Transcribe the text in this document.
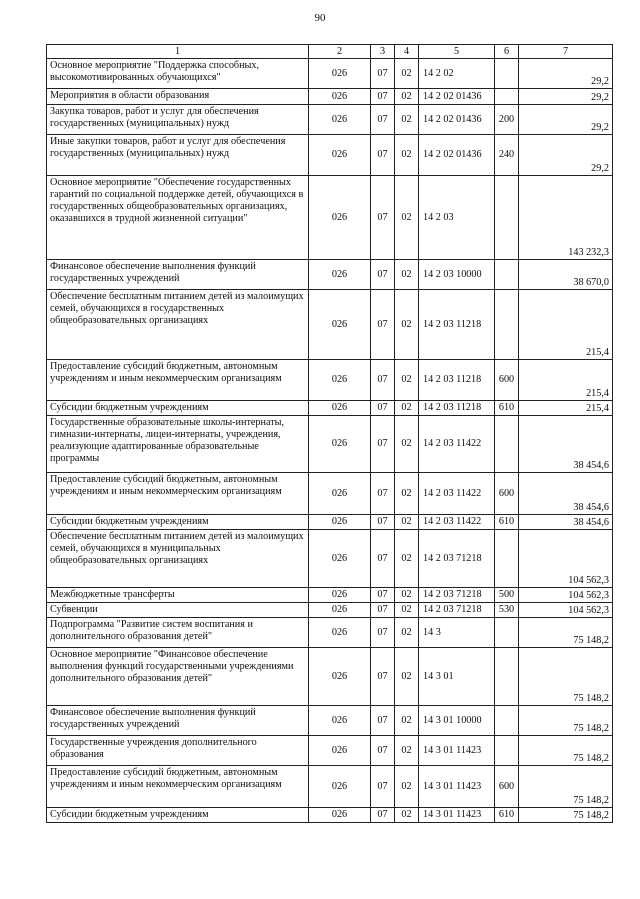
90
1	2	3	4	5	6	7
Основное мероприятие "Поддержка способных, высокомотивированных обучающихся"	026	07	02	14 2 02		29,2
Мероприятия в области образования	026	07	02	14 2 02 01436		29,2
Закупка товаров, работ и услуг для обеспечения государственных (муниципальных) нужд	026	07	02	14 2 02 01436	200	29,2
Иные закупки товаров, работ и услуг для обеспечения государственных (муниципальных) нужд	026	07	02	14 2 02 01436	240	29,2
Основное мероприятие "Обеспечение государственных гарантий по социальной поддержке детей, обучающихся в государственных общеобразовательных организациях, оказавшихся в трудной жизненной ситуации"	026	07	02	14 2 03		143 232,3
Финансовое обеспечение выполнения функций государственных учреждений	026	07	02	14 2 03 10000		38 670,0
Обеспечение бесплатным питанием детей из малоимущих семей, обучающихся в государственных общеобразовательных организациях	026	07	02	14 2 03 11218		215,4
Предоставление субсидий бюджетным, автономным учреждениям и иным некоммерческим организациям	026	07	02	14 2 03 11218	600	215,4
Субсидии бюджетным учреждениям	026	07	02	14 2 03 11218	610	215,4
Государственные образовательные школы-интернаты, гимназии-интернаты, лицеи-интернаты, учреждения, реализующие адаптированные образовательные программы	026	07	02	14 2 03 11422		38 454,6
Предоставление субсидий бюджетным, автономным учреждениям и иным некоммерческим организациям	026	07	02	14 2 03 11422	600	38 454,6
Субсидии бюджетным учреждениям	026	07	02	14 2 03 11422	610	38 454,6
Обеспечение бесплатным питанием детей из малоимущих семей, обучающихся в муниципальных общеобразовательных организациях	026	07	02	14 2 03 71218		104 562,3
Межбюджетные трансферты	026	07	02	14 2 03 71218	500	104 562,3
Субвенции	026	07	02	14 2 03 71218	530	104 562,3
Подпрограмма "Развитие систем воспитания и дополнительного образования детей"	026	07	02	14 3		75 148,2
Основное мероприятие "Финансовое обеспечение выполнения функций государственными учреждениями дополнительного образования детей"	026	07	02	14 3 01		75 148,2
Финансовое обеспечение выполнения функций государственных учреждений	026	07	02	14 3 01 10000		75 148,2
Государственные учреждения дополнительного образования	026	07	02	14 3 01 11423		75 148,2
Предоставление субсидий бюджетным, автономным учреждениям и иным некоммерческим организациям	026	07	02	14 3 01 11423	600	75 148,2
Субсидии бюджетным учреждениям	026	07	02	14 3 01 11423	610	75 148,2
